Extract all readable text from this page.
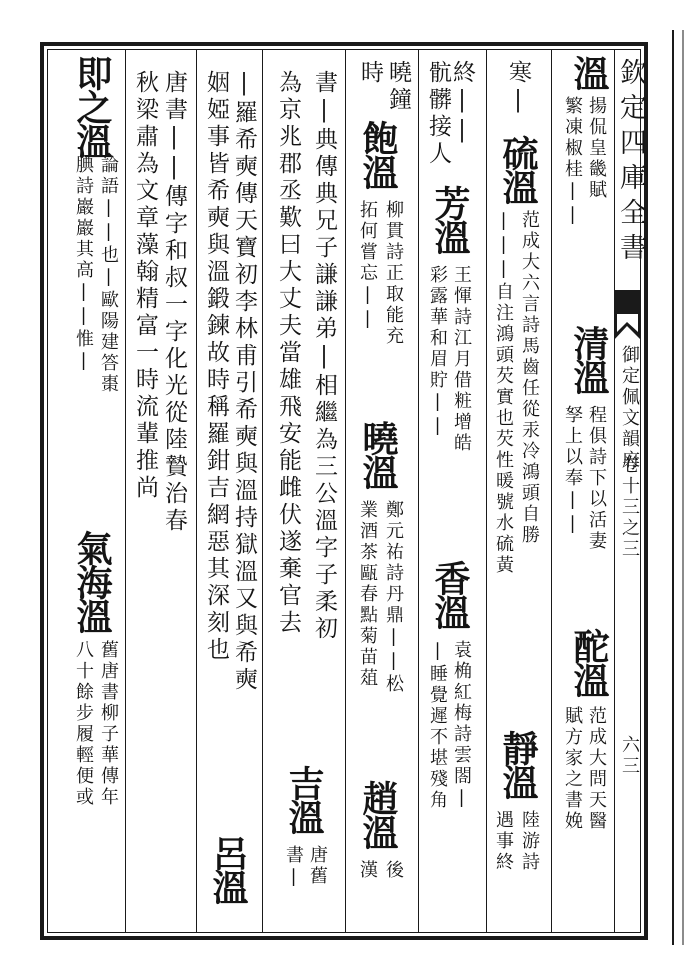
欽定四庫全書
御定佩文韻府
卷十三之三
六三
溫
揚侃皇畿賦
繁凍椒桂||
清溫
程俱詩下以活妻
孥上以奉||
酡溫
范成大問天醫
賦方家之書娩
寒|
硫溫
范成大六言詩馬齒任從汞冷鴻頭自勝
|||自注鴻頭芡實也芡性暖號水硫黃
靜溫
陸游詩
遇事終
終||
骯髒接人
芳溫
王惲詩江月借粧增皓
彩露華和眉貯||
香溫
袁桷紅梅詩雲閤|
|睡覺遲不堪殘角
曉鐘
時
飽溫
柳貫詩正取能充
拓何嘗忘||
曉溫
鄭元祐詩丹鼎||松
業酒茶甌春點菊苗葅
趙溫
後
漢
書|典傳典兄子謙謙弟|相繼為三公溫字子柔初
為京兆郡丞歎曰大丈夫當雄飛安能雌伏遂棄官去
吉溫
唐舊
書|
|羅希奭傳天寶初李林甫引希奭與溫持獄溫又與希奭
姻婭事皆希奭與溫鍛鍊故時稱羅鉗吉網惡其深刻也
呂溫
唐書||傳字和叔一字化光從陸贄治春
秋梁肅為文章藻翰精富一時流輩推尚
即之溫
論語||也|歐陽建答棗
腆詩巖巖其高||惟|
氣海溫
舊唐書柳子華傳年
八十餘步履輕便或
